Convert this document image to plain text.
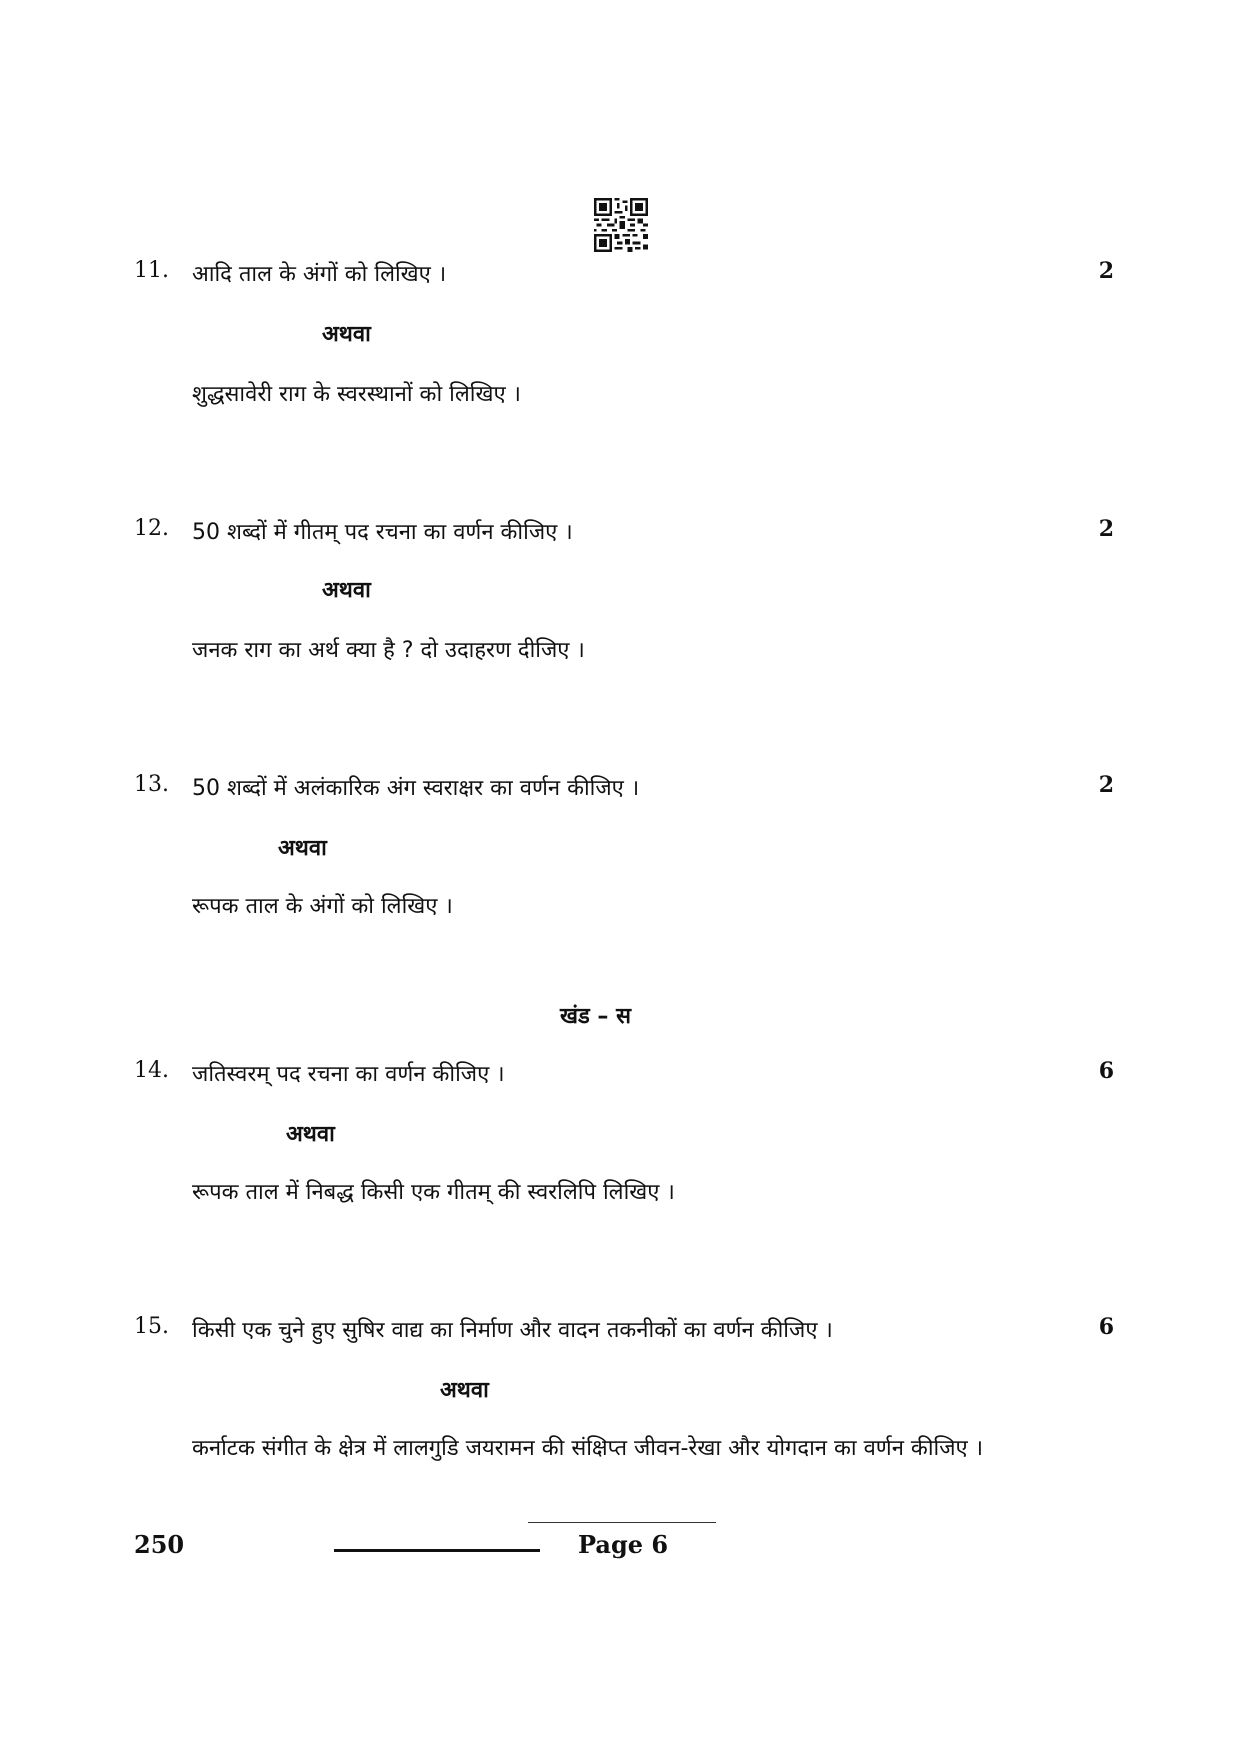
11. आदि ताल के अंगों को लिखिए ।	2
अथवा
शुद्धसावेरी राग के स्वरस्थानों को लिखिए ।
12. 50 शब्दों में गीतम् पद रचना का वर्णन कीजिए ।	2
अथवा
जनक राग का अर्थ क्या है ? दो उदाहरण दीजिए ।
13. 50 शब्दों में अलंकारिक अंग स्वराक्षर का वर्णन कीजिए ।	2
अथवा
रूपक ताल के अंगों को लिखिए ।
खंड – स
14. जतिस्वरम् पद रचना का वर्णन कीजिए ।	6
अथवा
रूपक ताल में निबद्ध किसी एक गीतम् की स्वरलिपि लिखिए ।
15. किसी एक चुने हुए सुषिर वाद्य का निर्माण और वादन तकनीकों का वर्णन कीजिए ।	6
अथवा
कर्नाटक संगीत के क्षेत्र में लालगुडि जयरामन की संक्षिप्त जीवन-रेखा और योगदान का वर्णन कीजिए ।
250	Page 6
